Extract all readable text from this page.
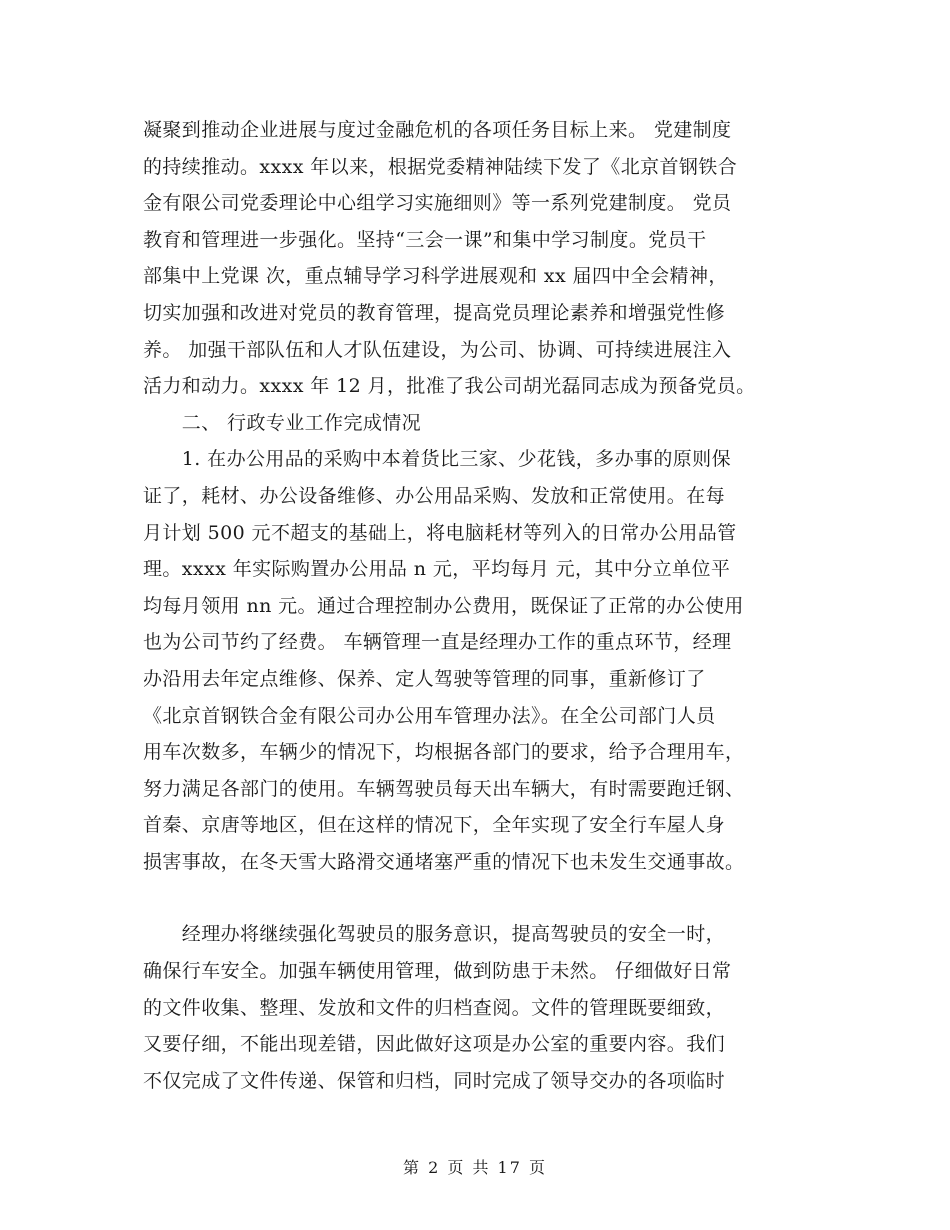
凝聚到推动企业进展与度过金融危机的各项任务目标上来。 党建制度
的持续推动。xxxx 年以来，根据党委精神陆续下发了《北京首钢铁合
金有限公司党委理论中心组学习实施细则》等一系列党建制度。 党员
教育和管理进一步强化。坚持“三会一课”和集中学习制度。党员干
部集中上党课 次，重点辅导学习科学进展观和 xx 届四中全会精神，
切实加强和改进对党员的教育管理，提高党员理论素养和增强党性修
养。 加强干部队伍和人才队伍建设，为公司、协调、可持续进展注入
活力和动力。xxxx 年 12 月，批准了我公司胡光磊同志成为预备党员。
　　二、 行政专业工作完成情况
　　1. 在办公用品的采购中本着货比三家、少花钱，多办事的原则保
证了，耗材、办公设备维修、办公用品采购、发放和正常使用。在每
月计划 500 元不超支的基础上，将电脑耗材等列入的日常办公用品管
理。xxxx 年实际购置办公用品 n 元，平均每月 元，其中分立单位平
均每月领用 nn 元。通过合理控制办公费用，既保证了正常的办公使用
也为公司节约了经费。 车辆管理一直是经理办工作的重点环节，经理
办沿用去年定点维修、保养、定人驾驶等管理的同事，重新修订了
《北京首钢铁合金有限公司办公用车管理办法》。在全公司部门人员
用车次数多，车辆少的情况下，均根据各部门的要求，给予合理用车，
努力满足各部门的使用。车辆驾驶员每天出车辆大，有时需要跑迁钢、
首秦、京唐等地区，但在这样的情况下，全年实现了安全行车屋人身
损害事故，在冬天雪大路滑交通堵塞严重的情况下也未发生交通事故。
　　经理办将继续强化驾驶员的服务意识，提高驾驶员的安全一时，
确保行车安全。加强车辆使用管理，做到防患于未然。 仔细做好日常
的文件收集、整理、发放和文件的归档查阅。文件的管理既要细致，
又要仔细，不能出现差错，因此做好这项是办公室的重要内容。我们
不仅完成了文件传递、保管和归档，同时完成了领导交办的各项临时
第 2 页 共 17 页
